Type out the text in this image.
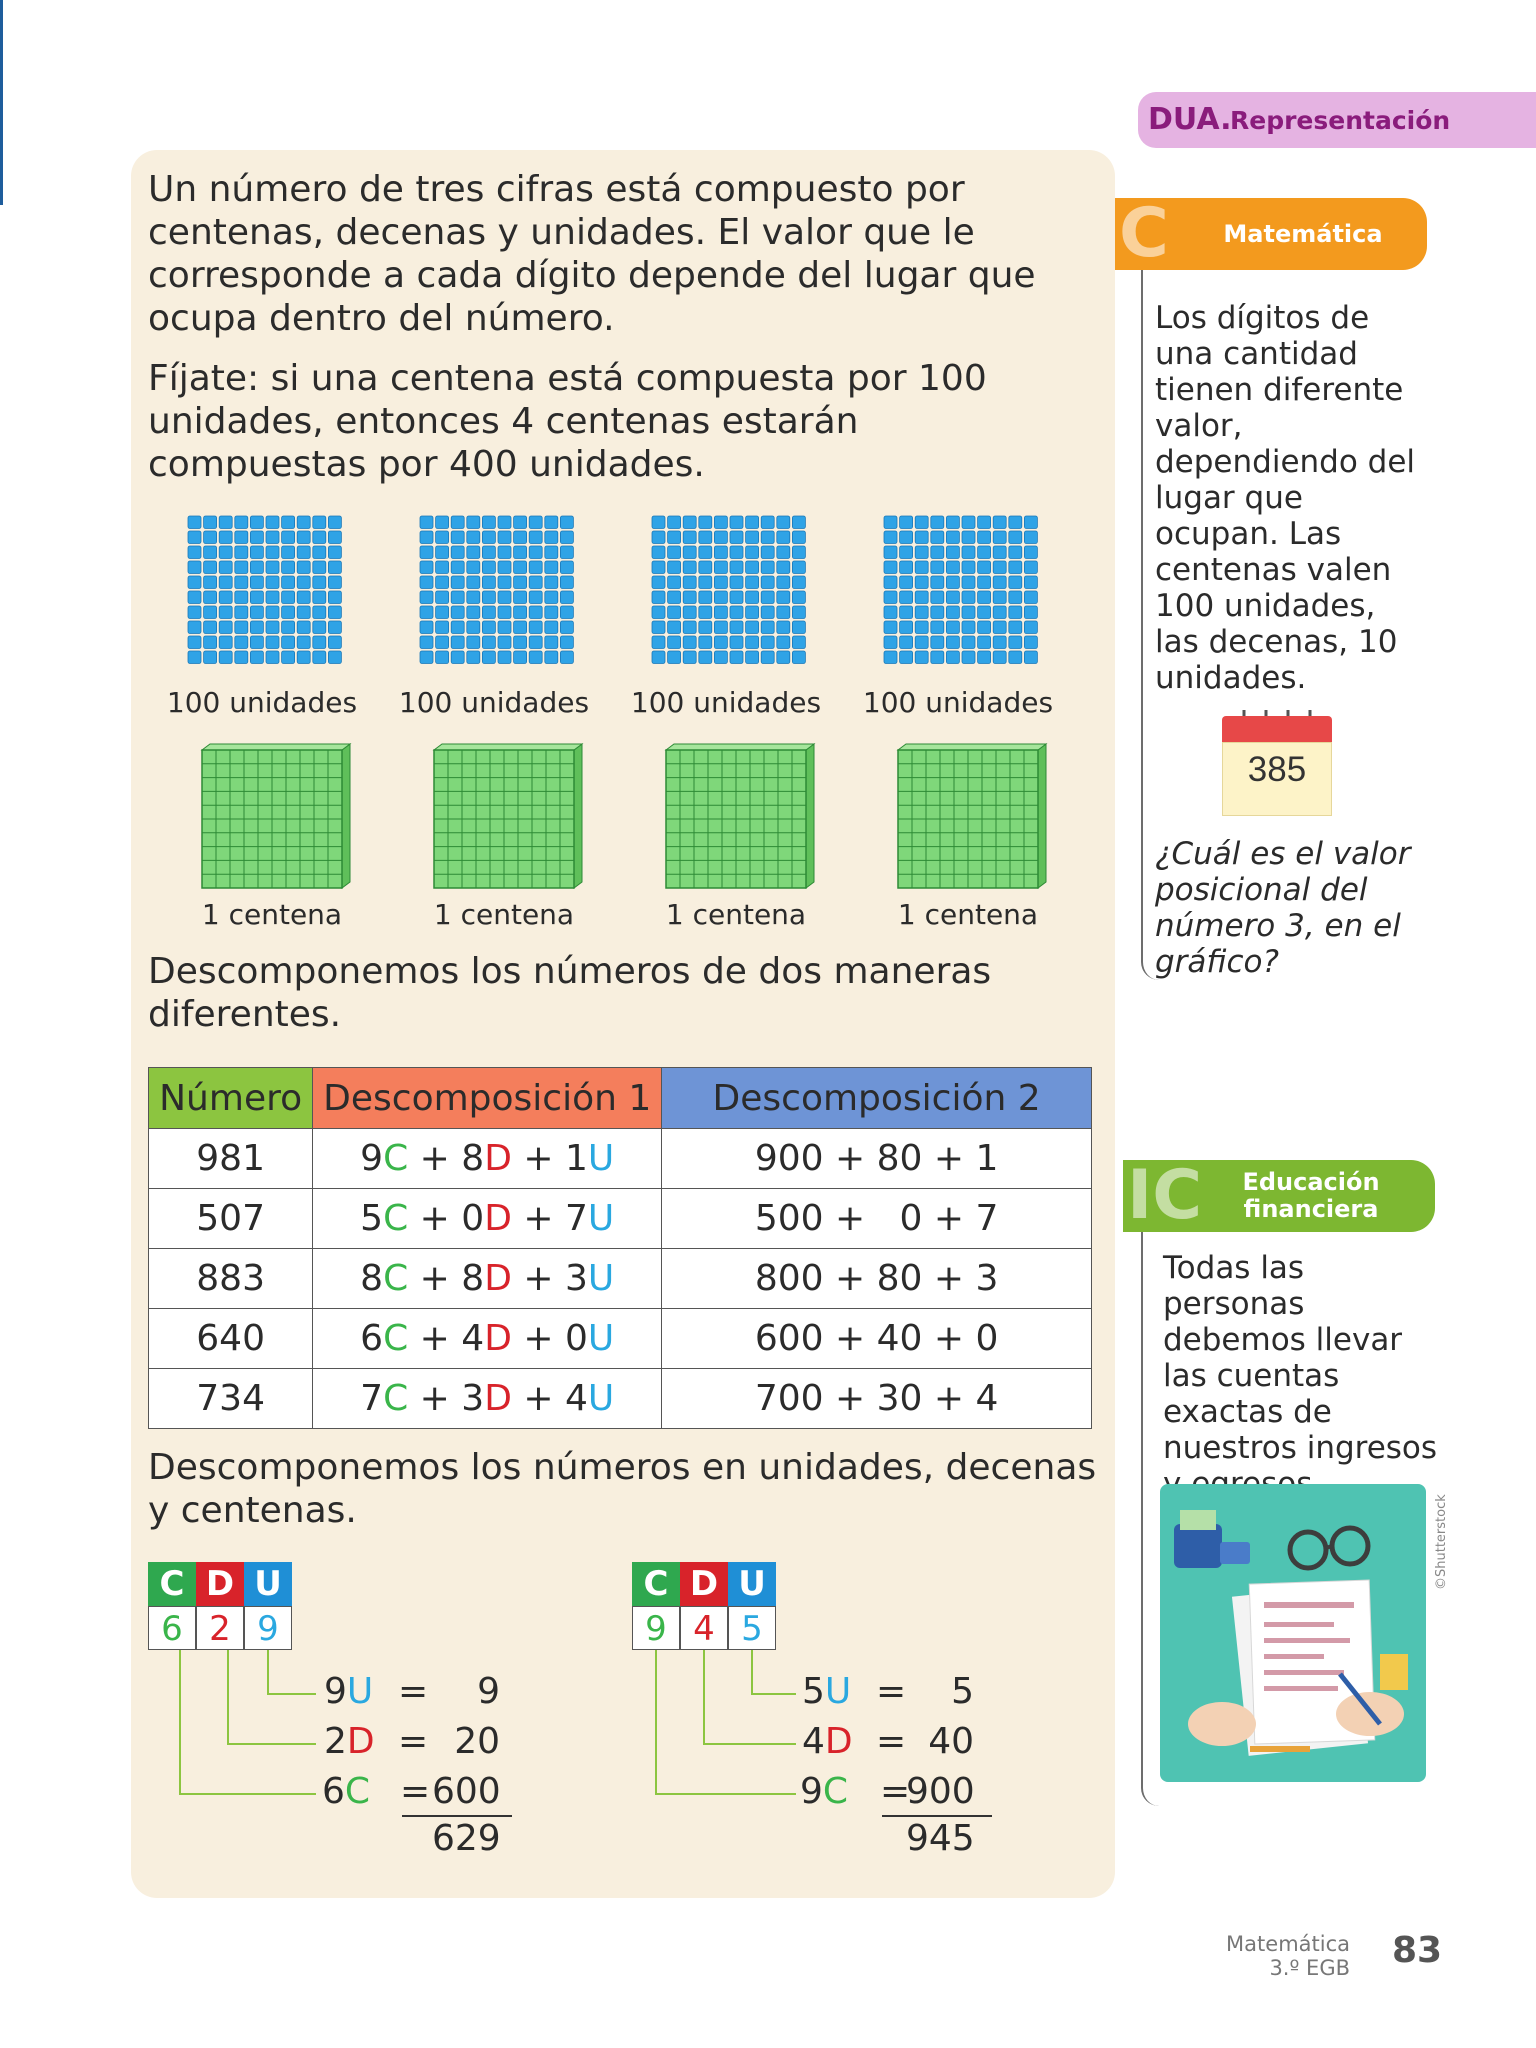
Un número de tres cifras está compuesto por centenas, decenas y unidades. El valor que le corresponde a cada dígito depende del lugar que ocupa dentro del número.

Fíjate: si una centena está compuesta por 100 unidades, entonces 4 centenas estarán compuestas por 400 unidades.

100 unidades 100 unidades 100 unidades 100 unidades
1 centena	1 centena	1 centena	1 centena

Descomponemos los números de dos maneras diferentes.

Número	Descomposición 1	Descomposición 2
981	9C + 8D + 1U	900 + 80 + 1
507	5C + 0D + 7U	500 +   0 + 7
883	8C + 8D + 3U	800 + 80 + 3
640	6C + 4D + 0U	600 + 40 + 0
734	7C + 3D + 4U	700 + 30 + 4

Descomponemos los números en unidades, decenas y centenas.

C D U
6 2 9
C D U
9 4 5
9U =	9
2D = 20
6C = 600
629
5U =	5
4D = 40
9C =
900
945
DUA.
Representación
C	Matemática

Los dígitos de una cantidad tienen diferente valor, dependiendo del lugar que ocupan. Las centenas valen 100 unidades, las decenas, 10 unidades.

385

¿Cuál es el valor posicional del número 3, en el gráfico?

IC	Educación financiera

Todas las personas debemos llevar las cuentas exactas de nuestros ingresos

©Shutterstock
Matemática
3.º EGB 83
